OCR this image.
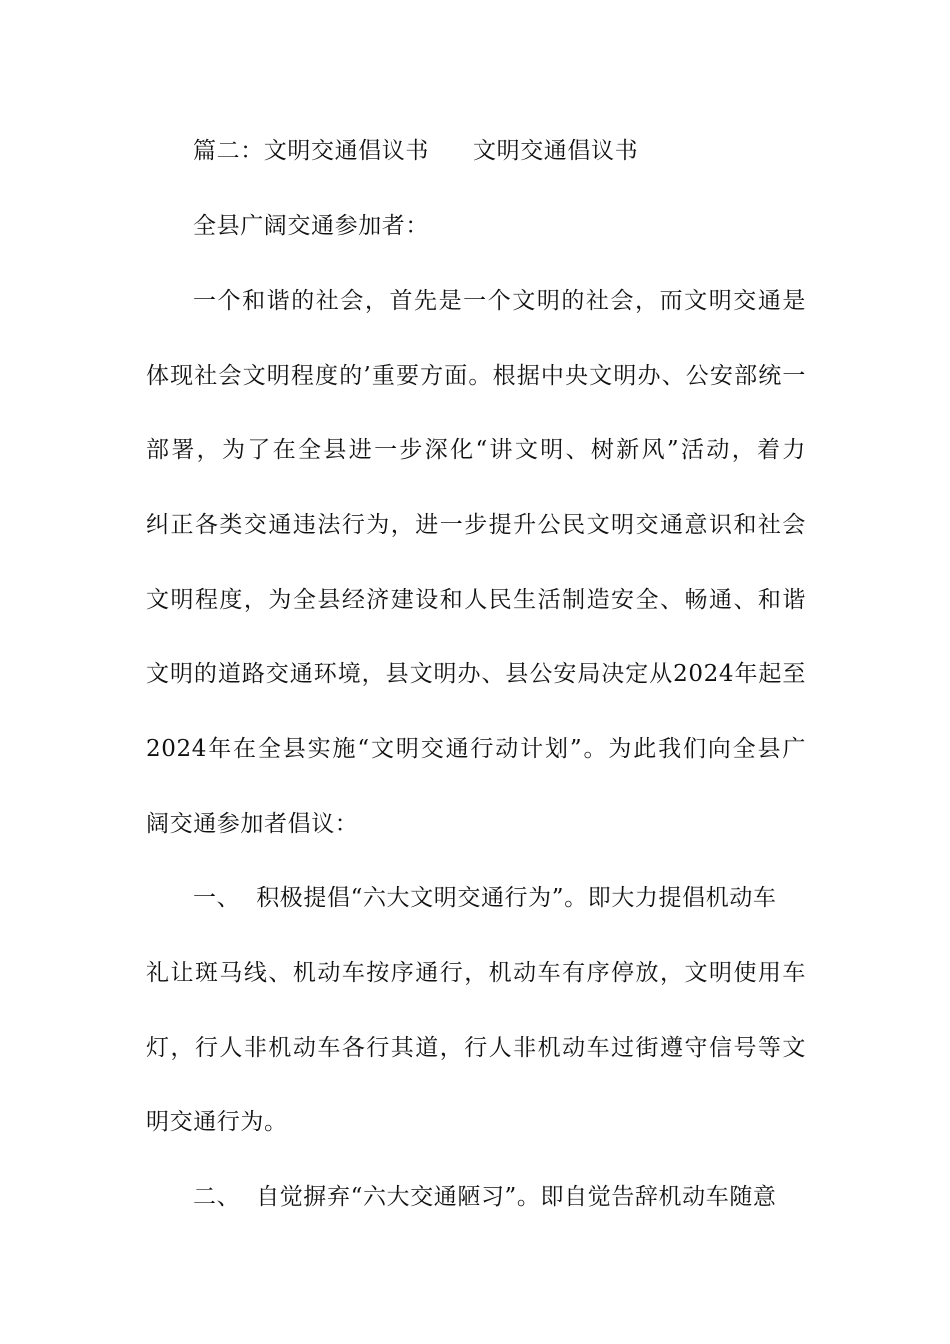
篇二：文明交通倡议书 文明交通倡议书
全县广阔交通参加者：
一个和谐的社会，首先是一个文明的社会，而文明交通是
体现社会文明程度的’重要方面。根据中央文明办、公安部统一
部署，为了在全县进一步深化“讲文明、树新风”活动，着力
纠正各类交通违法行为，进一步提升公民文明交通意识和社会
文明程度，为全县经济建设和人民生活制造安全、畅通、和谐
文明的道路交通环境，县文明办、县公安局决定从2024年起至
2024年在全县实施“文明交通行动计划”。为此我们向全县广
阔交通参加者倡议：
一、 积极提倡“六大文明交通行为”。即大力提倡机动车
礼让斑马线、机动车按序通行，机动车有序停放，文明使用车
灯，行人非机动车各行其道，行人非机动车过街遵守信号等文
明交通行为。
二、 自觉摒弃“六大交通陋习”。即自觉告辞机动车随意
